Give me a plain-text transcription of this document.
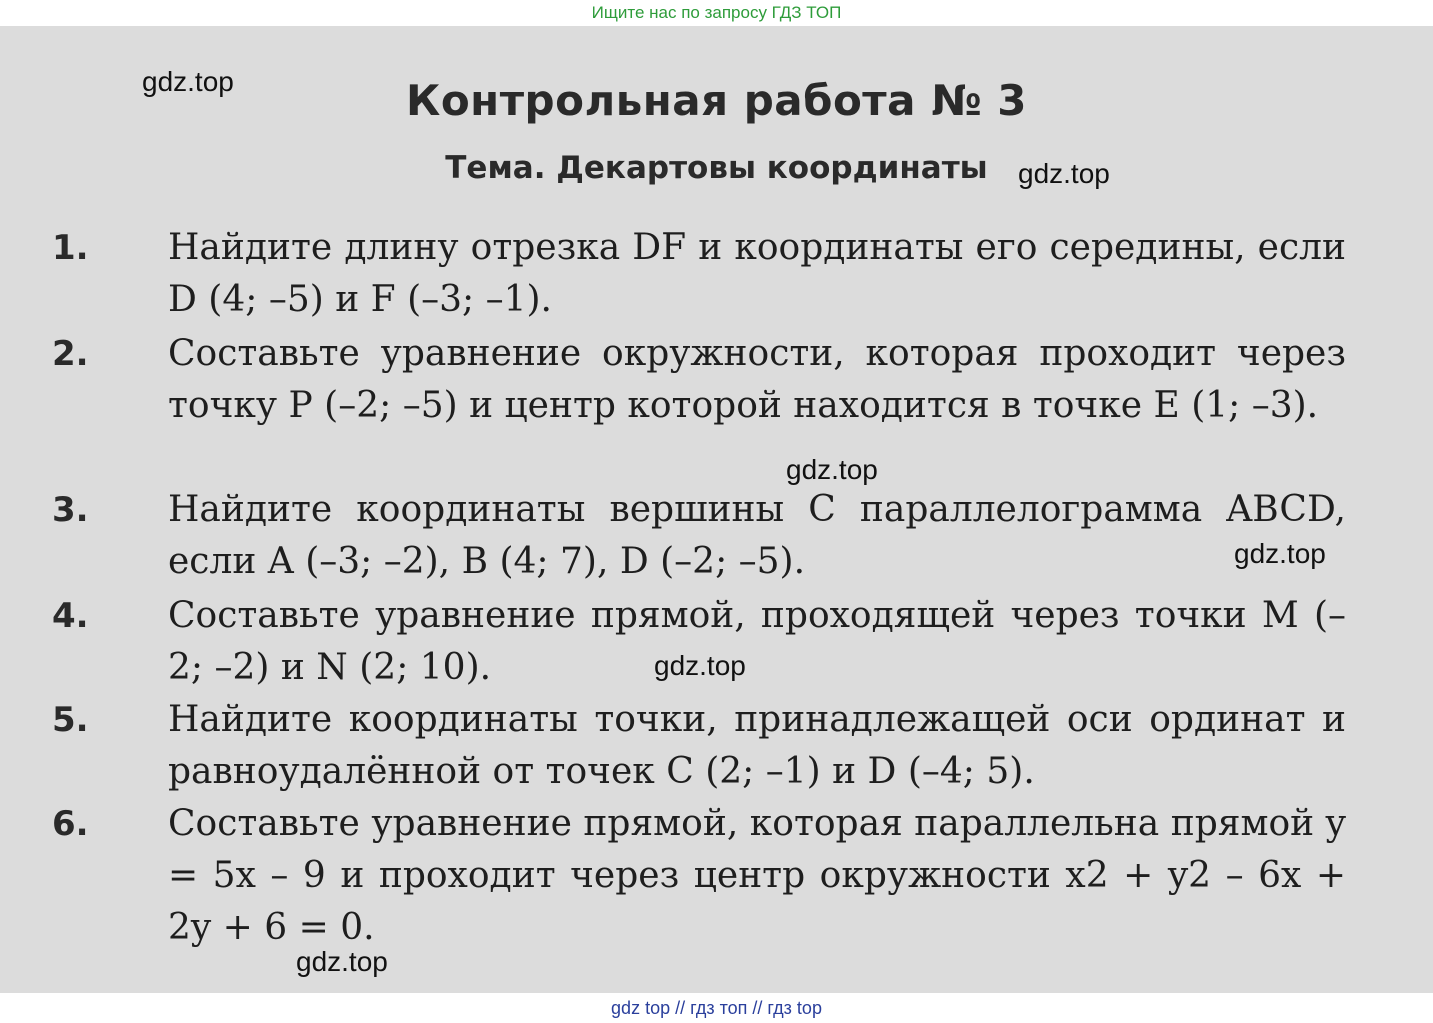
Ищите нас по запросу ГДЗ ТОП
Контрольная работа № 3
Тема. Декартовы координаты
1. Найдите длину отрезка DF и координаты его середины, если D (4; –5) и F (–3; –1).
2. Составьте уравнение окружности, которая проходит через точку P (–2; –5) и центр которой находится в точке E (1; –3).
3. Найдите координаты вершины C параллелограмма ABCD, если A (–3; –2), B (4; 7), D (–2; –5).
4. Составьте уравнение прямой, проходящей через точки M (–2; –2) и N (2; 10).
5. Найдите координаты точки, принадлежащей оси ординат и равноудалённой от точек C (2; –1) и D (–4; 5).
6. Составьте уравнение прямой, которая параллельна прямой y = 5x – 9 и проходит через центр окружности x2 + y2 – 6x + 2y + 6 = 0.
gdz.top
gdz.top
gdz.top
gdz.top
gdz.top
gdz.top
gdz top // гдз топ // гдз top
